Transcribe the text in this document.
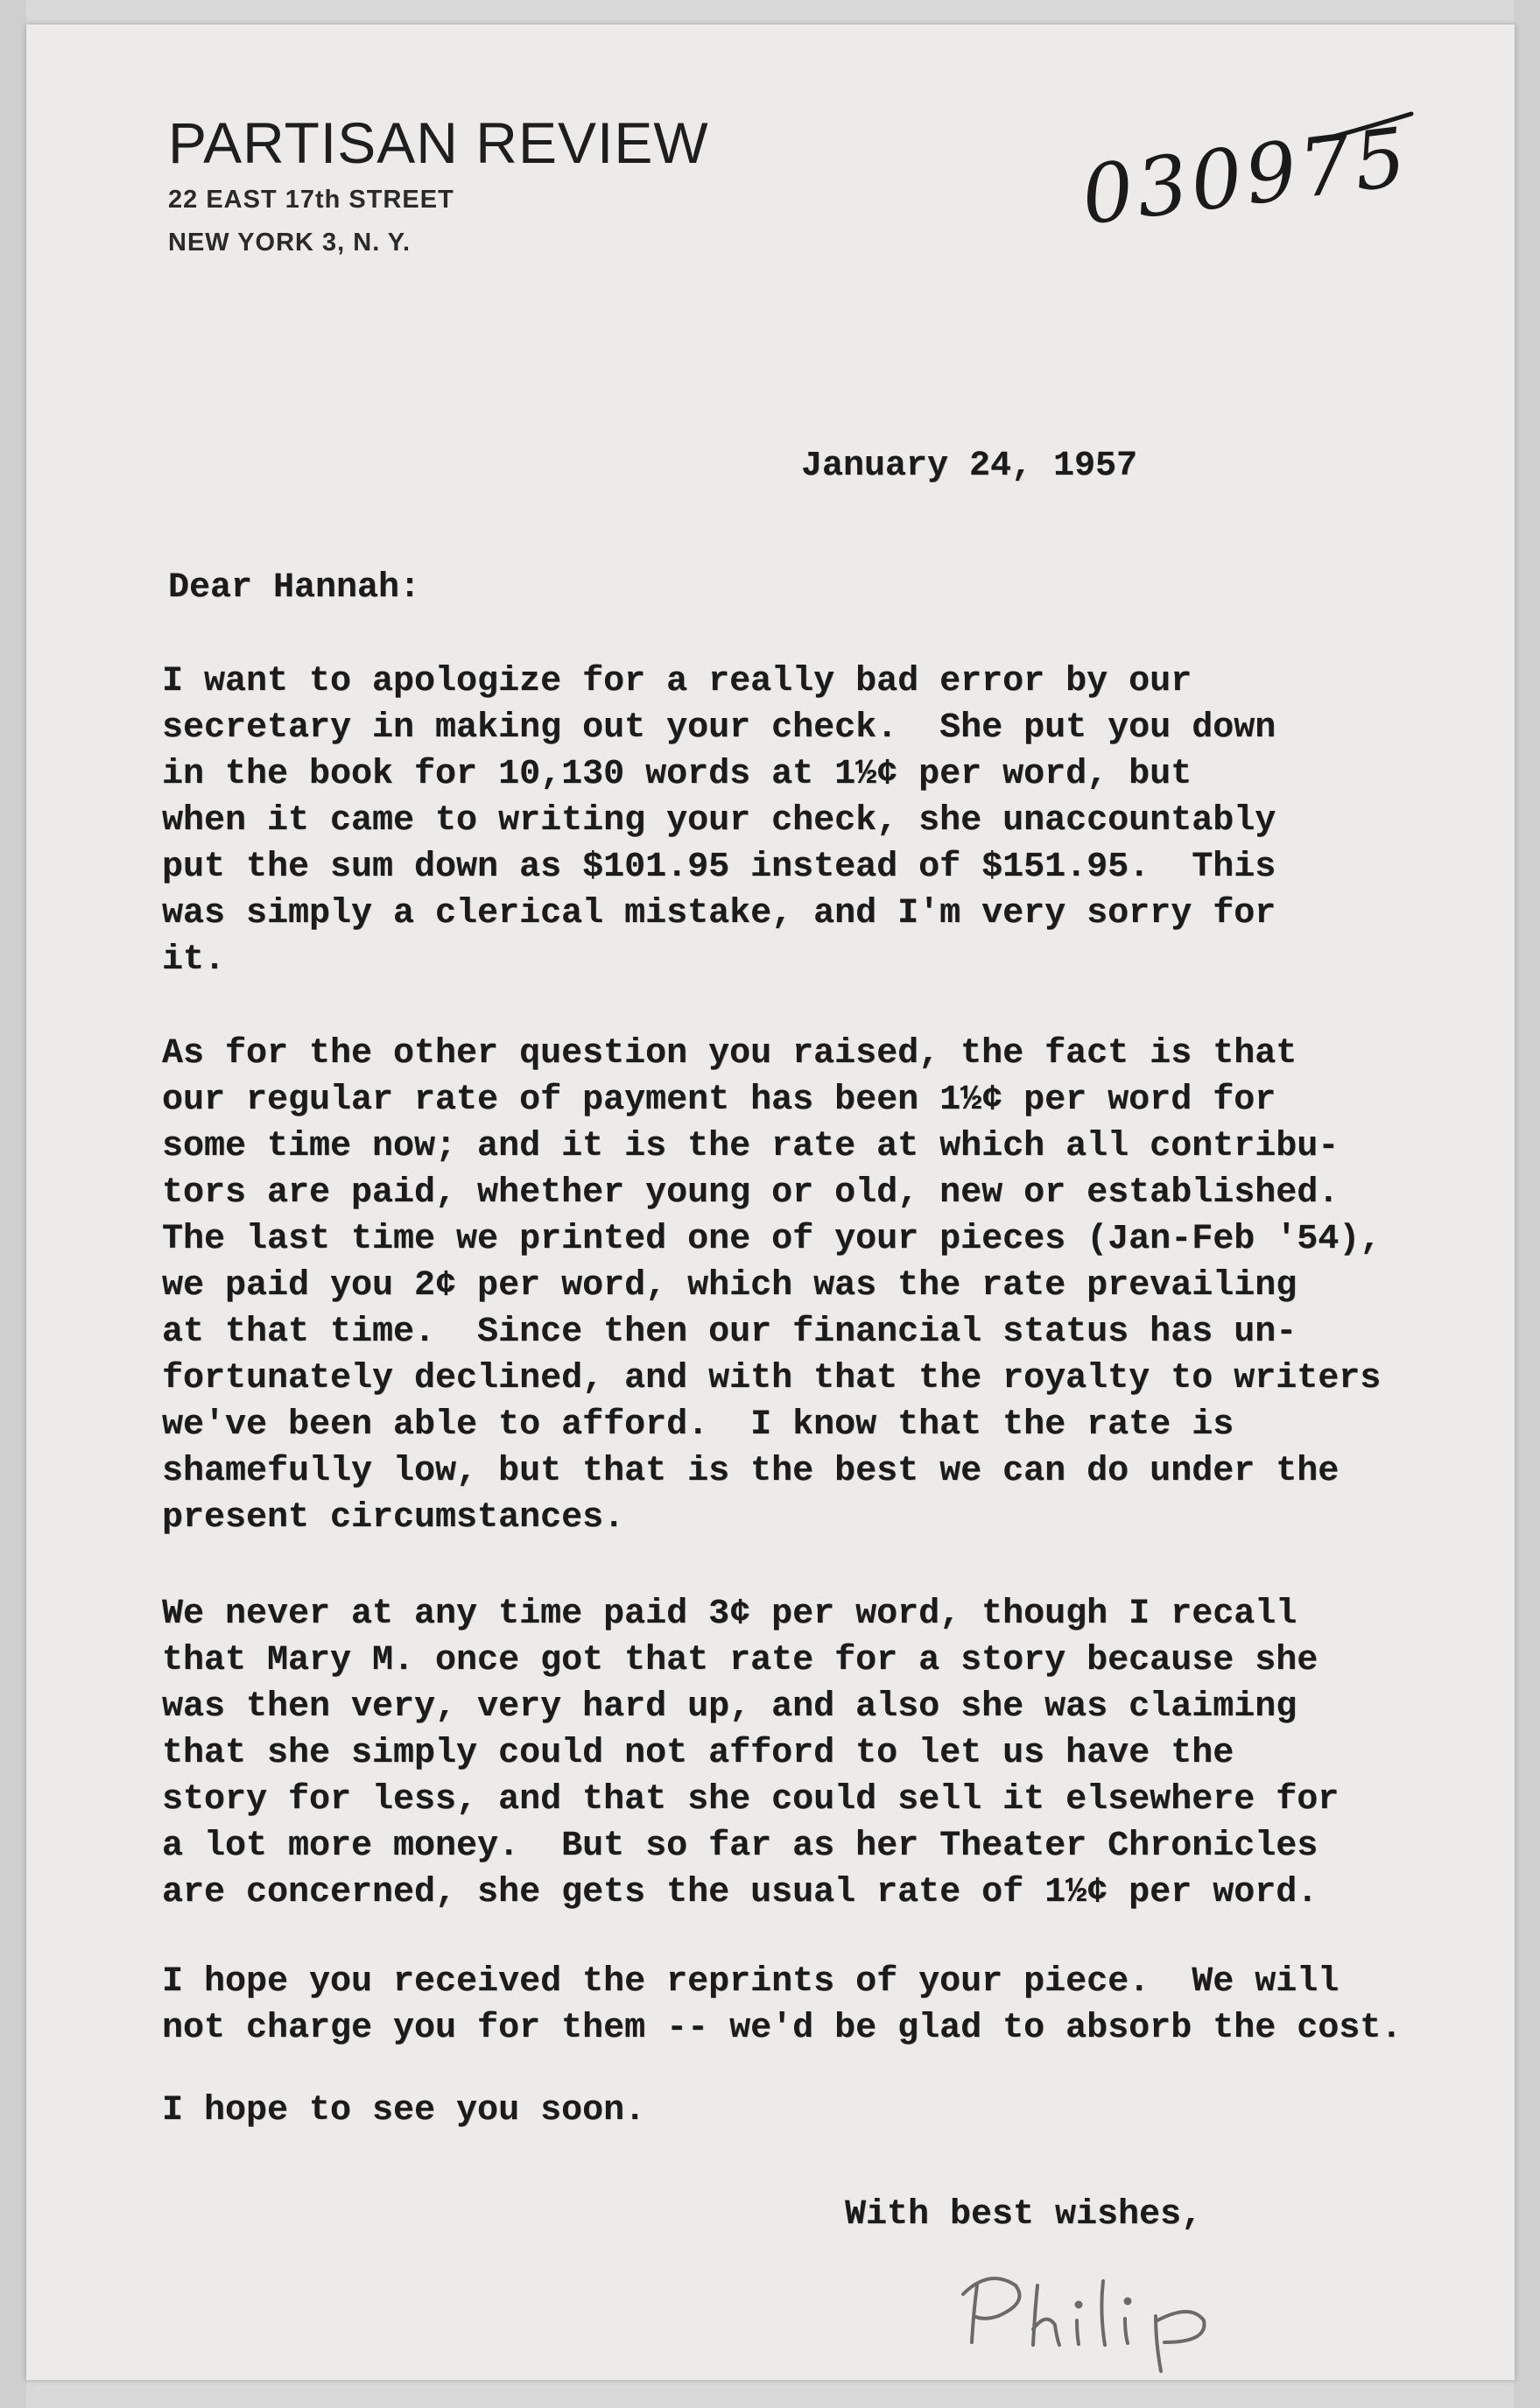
PARTISAN REVIEW
22 EAST 17th STREET
NEW YORK 3, N. Y.	030975
January 24, 1957
Dear Hannah:
I want to apologize for a really bad error by our
secretary in making out your check.  She put you down
in the book for 10,130 words at 1½¢ per word, but
when it came to writing your check, she unaccountably
put the sum down as $101.95 instead of $151.95.  This
was simply a clerical mistake, and I'm very sorry for
it.
As for the other question you raised, the fact is that
our regular rate of payment has been 1½¢ per word for
some time now; and it is the rate at which all contribu-
tors are paid, whether young or old, new or established.
The last time we printed one of your pieces (Jan-Feb '54),
we paid you 2¢ per word, which was the rate prevailing
at that time.  Since then our financial status has un-
fortunately declined, and with that the royalty to writers
we've been able to afford.  I know that the rate is
shamefully low, but that is the best we can do under the
present circumstances.
We never at any time paid 3¢ per word, though I recall
that Mary M. once got that rate for a story because she
was then very, very hard up, and also she was claiming
that she simply could not afford to let us have the
story for less, and that she could sell it elsewhere for
a lot more money.  But so far as her Theater Chronicles
are concerned, she gets the usual rate of 1½¢ per word.
I hope you received the reprints of your piece.  We will
not charge you for them -- we'd be glad to absorb the cost.
I hope to see you soon.
With best wishes,
